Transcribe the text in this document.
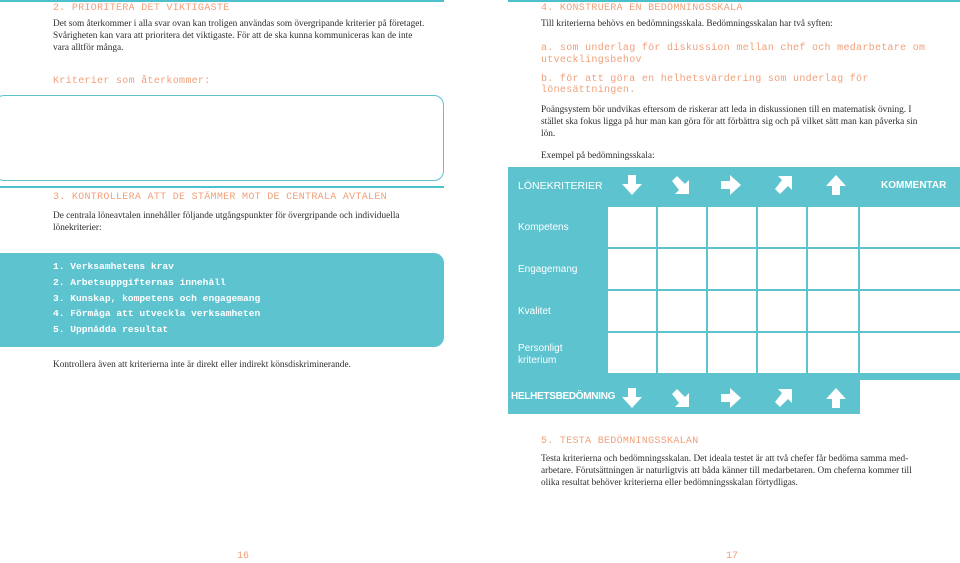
2. PRIORITERA DET VIKTIGASTE
Det som återkommer i alla svar ovan kan troligen användas som övergripande kriterier på företaget.
Svårigheten kan vara att prioritera det viktigaste. För att de ska kunna kommuniceras kan de inte
vara alltför många.
Kriterier som återkommer:
3. KONTROLLERA ATT DE STÄMMER MOT DE CENTRALA AVTALEN
De centrala löneavtalen innehåller följande utgångspunkter för övergripande och individuella
lönekriterier:
1. Verksamhetens krav
2. Arbetsuppgifternas innehåll
3. Kunskap, kompetens och engagemang
4. Förmåga att utveckla verksamheten
5. Uppnådda resultat
Kontrollera även att kriterierna inte är direkt eller indirekt könsdiskriminerande.
16
4. KONSTRUERA EN BEDÖMNINGSSKALA
Till kriterierna behövs en bedömningsskala. Bedömningsskalan har två syften:
a. som underlag för diskussion mellan chef och medarbetare om
utvecklingsbehov
b. för att göra en helhetsvärdering som underlag för lönesättningen.
Poängsystem bör undvikas eftersom de riskerar att leda in diskussionen till en matematisk övning. I
stället ska fokus ligga på hur man kan göra för att förbättra sig och på vilket sätt man kan påverka sin
lön.
Exempel på bedömningsskala:
LÖNEKRITERIER	KOMMENTAR
Kompetens
Engagemang
Kvalitet
Personligt
kriterium
HELHETSBEDÖMNING
5. TESTA BEDÖMNINGSSKALAN
Testa kriterierna och bedömningsskalan. Det ideala testet är att två chefer får bedöma samma med-
arbetare. Förutsättningen är naturligtvis att båda känner till medarbetaren. Om cheferna kommer till
olika resultat behöver kriterierna eller bedömningsskalan förtydligas.
17
